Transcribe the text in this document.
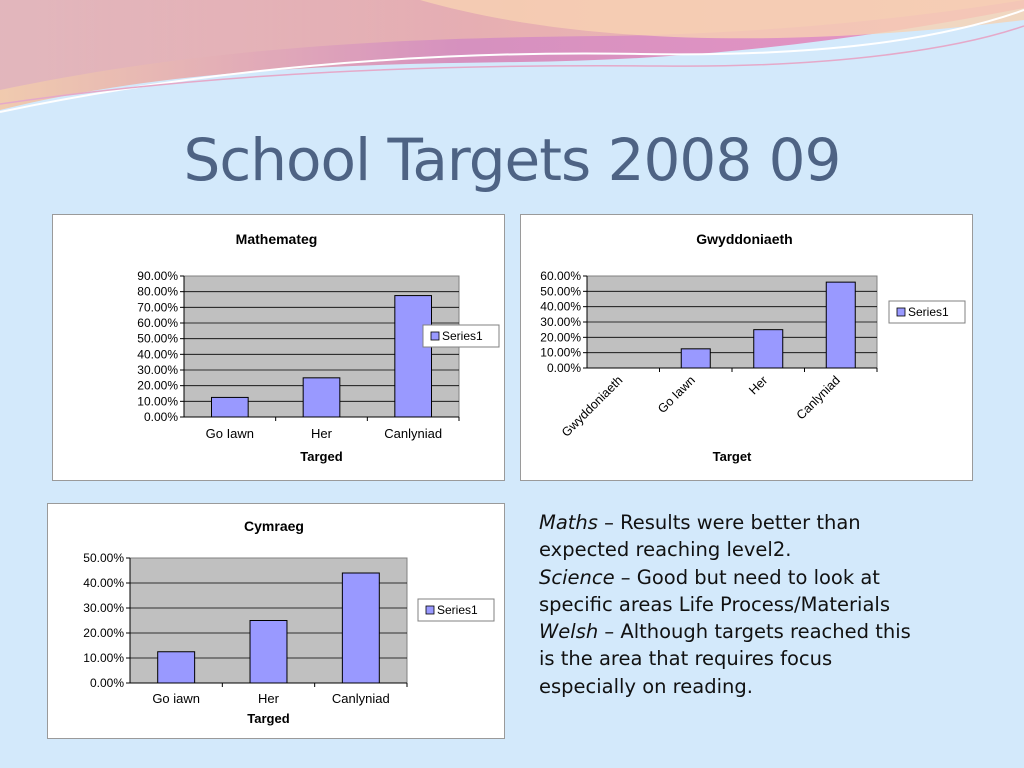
School Targets 2008 09
Mathemateg
0.00%
10.00%
20.00%
30.00%
40.00%
50.00%
60.00%
70.00%
80.00%
90.00%
Go Iawn	Her	Canlyniad
Targed
Series1
Gwyddoniaeth
0.00%
10.00%
20.00%
30.00%
40.00%
50.00%
60.00%
Gwyddoniaeth Go Iawn	Her Canlyniad
Target
Series1
Cymraeg
0.00%
10.00%
20.00%
30.00%
40.00%
50.00%
Go iawn	Her	Canlyniad
Targed
Series1

Maths – Results were better than
expected reaching level2.
Science – Good but need to look at
specific areas Life Process/Materials
Welsh – Although targets reached this
is the area that requires focus
especially on reading.
